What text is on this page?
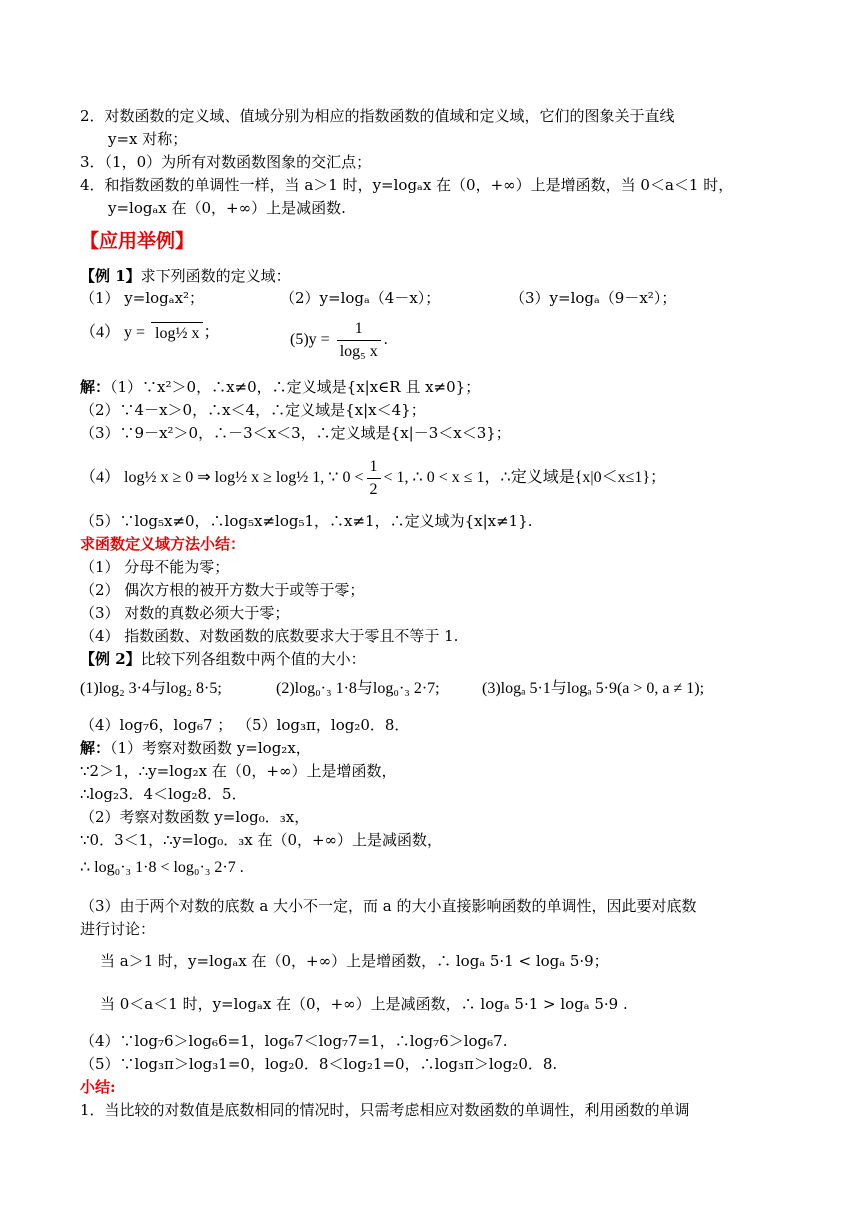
2．对数函数的定义域、值域分别为相应的指数函数的值域和定义域，它们的图象关于直线
y=x 对称；
3．（1，0）为所有对数函数图象的交汇点；
4．和指数函数的单调性一样，当 a＞1 时，y=logₐx 在（0，+∞）上是增函数，当 0＜a＜1 时，
y=logₐx 在（0，+∞）上是减函数.
【应用举例】
【例 1】求下列函数的定义域：
（1） y=logₐx²；	（2）y=logₐ（4－x）；	（3）y=logₐ（9－x²）；
（4） y = log½ x ；	$(5)y = \frac{1}{\text{log₅ x}}$ .
解：（1）∵x²＞0，∴x≠0，∴定义域是{x|x∈R 且 x≠0}；
（2）∵4－x＞0，∴x＜4，∴定义域是{x|x＜4}；
（3）∵9－x²＞0，∴－3＜x＜3，∴定义域是{x|－3＜x＜3}；
（4） log½ x ≥ 0 ⇒ log½ x ≥ log½ 1, ∵ $0 < \frac{1}{2} < 1$, ∴ 0 < x ≤ 1，∴定义域是{x|0＜x≤1}；
（5）∵log₅x≠0，∴log₅x≠log₅1，∴x≠1，∴定义域为{x|x≠1}.
求函数定义域方法小结：
（1） 分母不能为零；
（2） 偶次方根的被开方数大于或等于零；
（3） 对数的真数必须大于零；
（4） 指数函数、对数函数的底数要求大于零且不等于 1.
【例 2】比较下列各组数中两个值的大小：
(1)log₂ 3·4与log₂ 8·5;	(2)log₀·₃ 1·8与log₀·₃ 2·7;	(3)logₐ 5·1与logₐ 5·9(a > 0, a ≠ 1);
（4）log₇6，log₆7 ； （5）log₃π，log₂0．8．
解：（1）考察对数函数 y=log₂x，
∵2＞1，∴y=log₂x 在（0，+∞）上是增函数，
∴log₂3．4＜log₂8．5．
（2）考察对数函数 y=log₀．₃x，
∵0．3＜1，∴y=log₀．₃x 在（0，+∞）上是减函数，
∴ log₀·₃ 1·8 < log₀·₃ 2·7 .
（3）由于两个对数的底数 a 大小不一定，而 a 的大小直接影响函数的单调性，因此要对底数
进行讨论：
当 a＞1 时，y=logₐx 在（0，+∞）上是增函数，∴ logₐ 5·1 < logₐ 5·9；
当 0＜a＜1 时，y=logₐx 在（0，+∞）上是减函数，∴ logₐ 5·1 > logₐ 5·9 .
（4）∵log₇6＞log₆6=1，log₆7＜log₇7=1，∴log₇6＞log₆7.
（5）∵log₃π＞log₃1=0，log₂0．8＜log₂1=0，∴log₃π＞log₂0．8.
小结:
1．当比较的对数值是底数相同的情况时，只需考虑相应对数函数的单调性，利用函数的单调
